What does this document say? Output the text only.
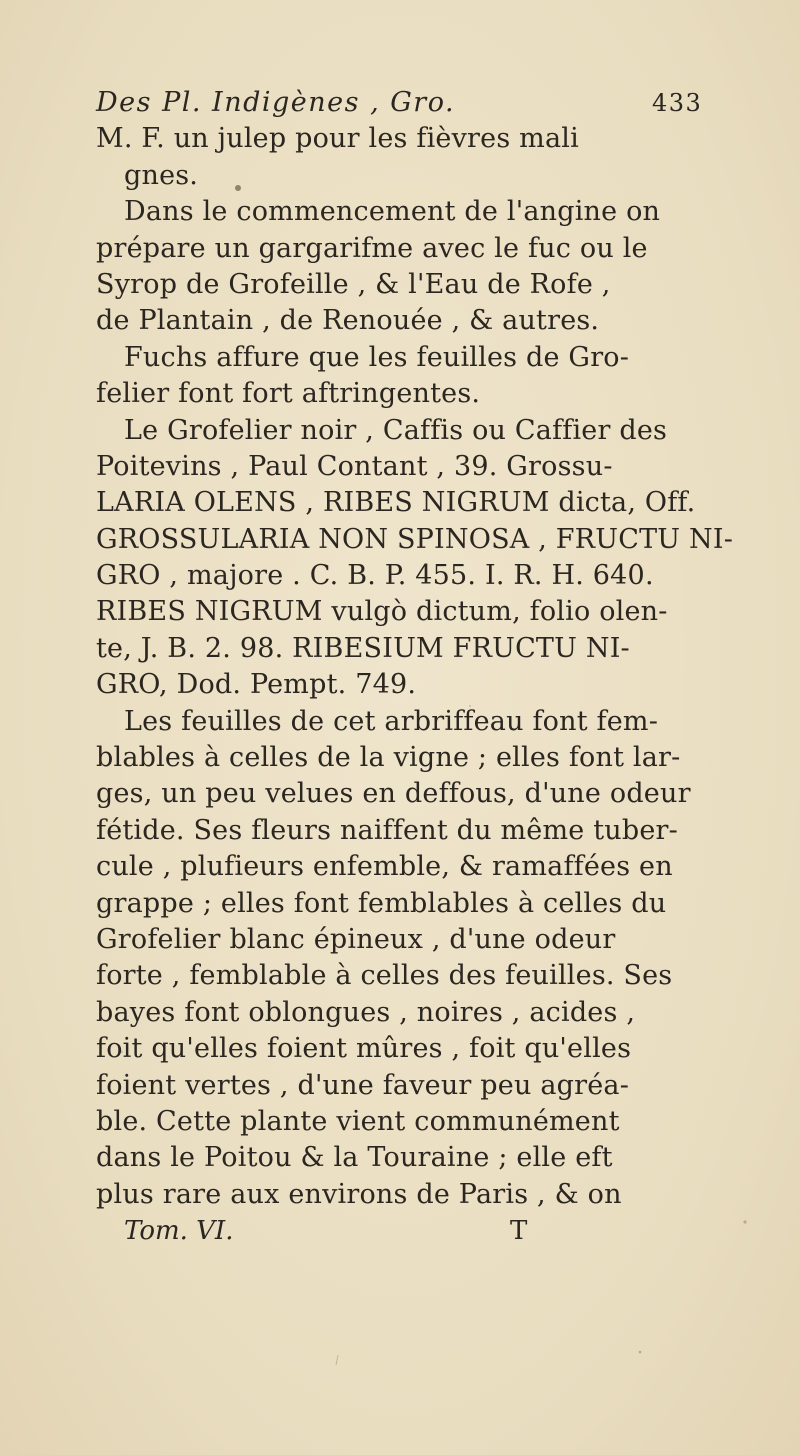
Des Pl. Indigènes , Gro.	433
M. F. un julep pour les fièvres mali
gnes.
Dans le commencement de l'angine on
prépare un gargarifme avec le fuc ou le
Syrop de Grofeille , & l'Eau de Rofe ,
de Plantain , de Renouée , & autres.
Fuchs affure que les feuilles de Gro-
felier font fort aftringentes.
Le Grofelier noir , Caffis ou Caffier des
Poitevins , Paul Contant , 39. Grossu-
LARIA OLENS , RIBES NIGRUM dicta, Off.
GROSSULARIA NON SPINOSA , FRUCTU NI-
GRO , majore . C. B. P. 455. I. R. H. 640.
RIBES NIGRUM vulgò dictum, folio olen-
te, J. B. 2. 98. RIBESIUM FRUCTU NI-
GRO, Dod. Pempt. 749.
Les feuilles de cet arbriffeau font fem-
blables à celles de la vigne ; elles font lar-
ges, un peu velues en deffous, d'une odeur
fétide. Ses fleurs naiffent du même tuber-
cule , plufieurs enfemble, & ramaffées en
grappe ; elles font femblables à celles du
Grofelier blanc épineux , d'une odeur
forte , femblable à celles des feuilles. Ses
bayes font oblongues , noires , acides ,
foit qu'elles foient mûres , foit qu'elles
foient vertes , d'une faveur peu agréa-
ble. Cette plante vient communément
dans le Poitou & la Touraine ; elle eft
plus rare aux environs de Paris , & on
Tom. VI.	T
